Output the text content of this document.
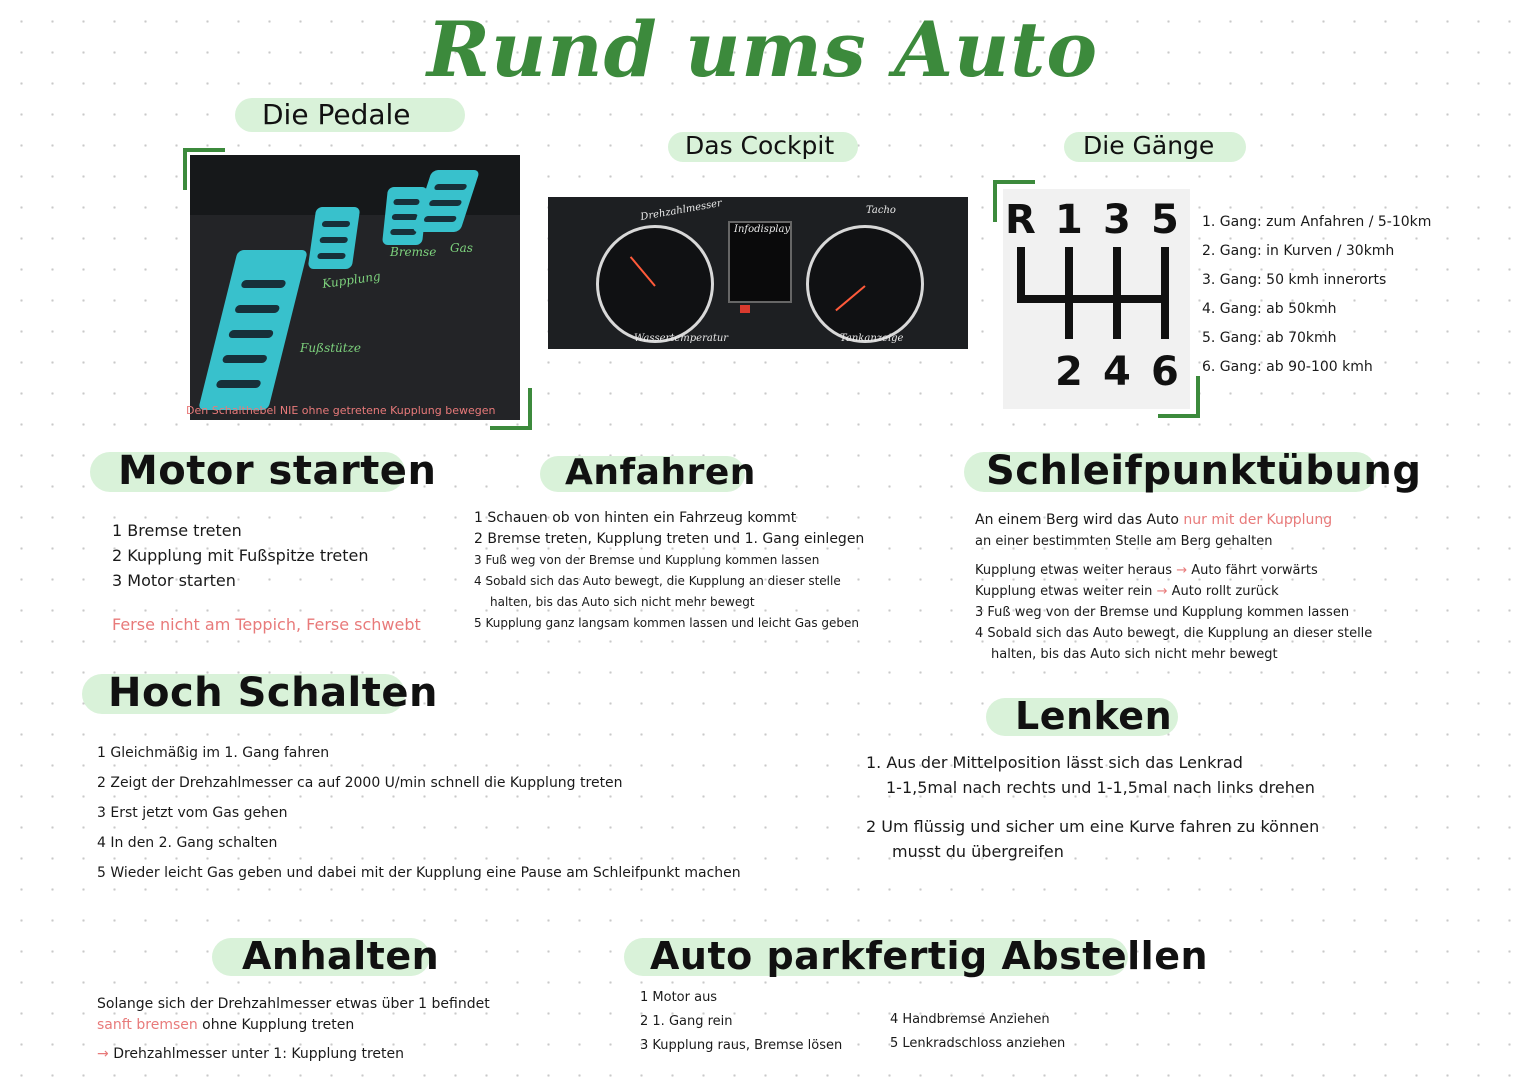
Rund ums Auto
Die Pedale
Kupplung
Bremse Gas
Fußstütze
Den Schalthebel NIE ohne getretene Kupplung bewegen
Das Cockpit
Drehzahlmesser
Infodisplay
Tacho
Wassertemperatur	Tankanzeige
Die Gänge
R 1 3 5
2 4 6
1. Gang: zum Anfahren / 5-10km
2. Gang: in Kurven / 30kmh
3. Gang: 50 kmh innerorts
4. Gang: ab 50kmh
5. Gang: ab 70kmh
6. Gang: ab 90-100 kmh
Motor starten
1 Bremse treten
2 Kupplung mit Fußspitze treten
3 Motor starten
Ferse nicht am Teppich, Ferse schwebt
Anfahren
1 Schauen ob von hinten ein Fahrzeug kommt
2 Bremse treten, Kupplung treten und 1. Gang einlegen
3 Fuß weg von der Bremse und Kupplung kommen lassen
4 Sobald sich das Auto bewegt, die Kupplung an dieser stelle
halten, bis das Auto sich nicht mehr bewegt
5 Kupplung ganz langsam kommen lassen und leicht Gas geben
Schleifpunktübung
An einem Berg wird das Auto nur mit der Kupplung
an einer bestimmten Stelle am Berg gehalten
Kupplung etwas weiter heraus → Auto fährt vorwärts
Kupplung etwas weiter rein → Auto rollt zurück
3 Fuß weg von der Bremse und Kupplung kommen lassen
4 Sobald sich das Auto bewegt, die Kupplung an dieser stelle
halten, bis das Auto sich nicht mehr bewegt
Hoch Schalten
1 Gleichmäßig im 1. Gang fahren
2 Zeigt der Drehzahlmesser ca auf 2000 U/min schnell die Kupplung treten
3 Erst jetzt vom Gas gehen
4 In den 2. Gang schalten
5 Wieder leicht Gas geben und dabei mit der Kupplung eine Pause am Schleifpunkt machen
Lenken
1. Aus der Mittelposition lässt sich das Lenkrad
1-1,5mal nach rechts und 1-1,5mal nach links drehen
2 Um flüssig und sicher um eine Kurve fahren zu können
musst du übergreifen
Anhalten
Solange sich der Drehzahlmesser etwas über 1 befindet
sanft bremsen ohne Kupplung treten
→ Drehzahlmesser unter 1: Kupplung treten
Auto parkfertig Abstellen
1 Motor aus
2 1. Gang rein
3 Kupplung raus, Bremse lösen
4 Handbremse Anziehen
5 Lenkradschloss anziehen
